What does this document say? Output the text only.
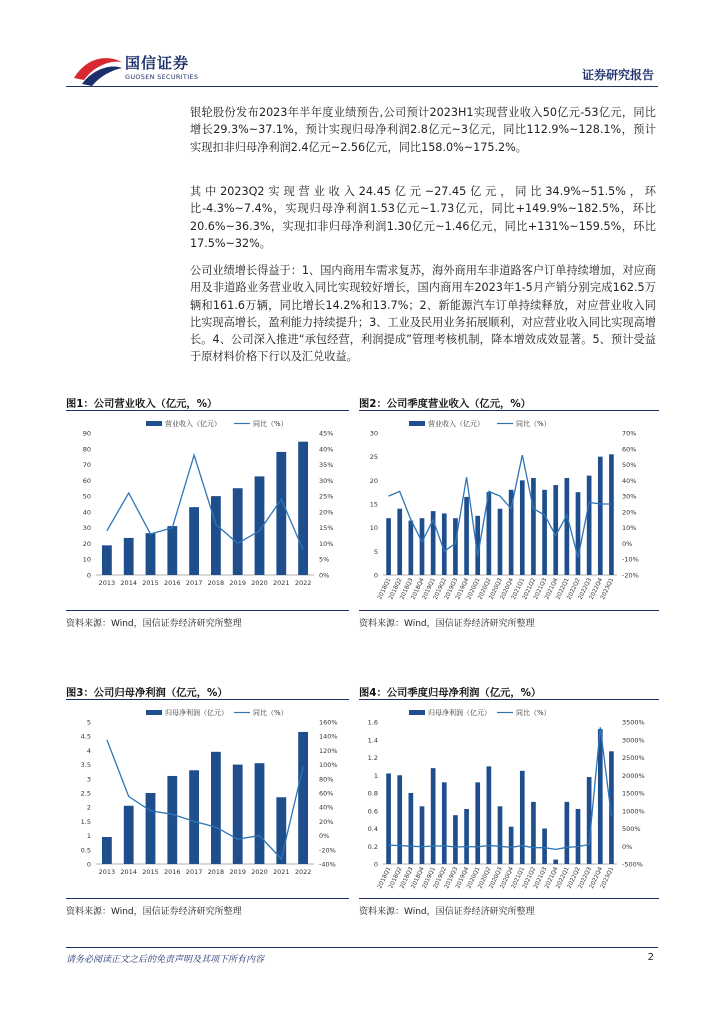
国信证券
GUOSEN SECURITIES	证券研究报告

银轮股份发布2023年半年度业绩预告,公司预计2023H1实现营业收入50亿元-53亿元，同比增长29.3%~37.1%，预计实现归母净利润2.8亿元~3亿元，同比112.9%~128.1%，预计实现扣非归母净利润2.4亿元~2.56亿元，同比158.0%~175.2%。

其中2023Q2实现营业收入24.45亿元~27.45亿元，同比34.9%~51.5%，环比-4.3%~7.4%，实现归母净利润1.53亿元~1.73亿元，同比+149.9%~182.5%，环比20.6%~36.3%，实现扣非归母净利润1.30亿元~1.46亿元，同比+131%~159.5%，环比17.5%~32%。

公司业绩增长得益于：1、国内商用车需求复苏，海外商用车非道路客户订单持续增加，对应商用及非道路业务营业收入同比实现较好增长，国内商用车2023年1-5月产销分别完成162.5万辆和161.6万辆，同比增长14.2%和13.7%；2、新能源汽车订单持续释放，对应营业收入同比实现高增长，盈利能力持续提升；3、工业及民用业务拓展顺利，对应营业收入同比实现高增长。4、公司深入推进“承包经营，利润提成”管理考核机制，降本增效成效显著。5、预计受益于原材料价格下行以及汇兑收益。

图1：公司营业收入（亿元，%）
营业收入（亿元）	同比（%）
0
10
20
30
40
50
60
70
80
90
0%
5%
10%
15%
20%
25%
30%
35%
40%
45%
2013 2014 2015 2016 2017 2018 2019 2020 2021 2022
资料来源：Wind，国信证券经济研究所整理
图2：公司季度营业收入（亿元，%）
营业收入（亿元）	同比（%）
0
5
10
15
20
25
30
-20%
-10%
0%
10%
20%
30%
40%
50%
60%
70%
2018Q1
2018Q2
2018Q3
2018Q4
2019Q1
2019Q2
2019Q3
2019Q4
2020Q1
2020Q2
2020Q3
2020Q4
2021Q1
2021Q2
2021Q3
2021Q4
2022Q1
2022Q2
2022Q3
2022Q4
2023Q1
资料来源：Wind，国信证券经济研究所整理
图3：公司归母净利润（亿元，%）
归母净利润（亿元）	同比（%）
0
0.5
1
1.5
2
2.5
3
3.5
4
4.5
5
-40%
-20%
0%
20%
40%
60%
80%
100%
120%
140%
160%
2013 2014 2015 2016 2017 2018 2019 2020 2021 2022
资料来源：Wind，国信证券经济研究所整理
图4：公司季度归母净利润（亿元，%）
归母净利润（亿元）	同比（%）
0
0.2
0.4
0.6
0.8
1
1.2
1.4
1.6
-500%
0%
500%
1000%
1500%
2000%
2500%
3000%
3500%
2018Q1
2018Q2
2018Q3
2018Q4
2019Q1
2019Q2
2019Q3
2019Q4
2020Q1
2020Q2
2020Q3
2020Q4
2021Q1
2021Q2
2021Q3
2021Q4
2022Q1
2022Q2
2022Q3
2022Q4
2023Q1
资料来源：Wind，国信证券经济研究所整理
请务必阅读正文之后的免责声明及其项下所有内容	2
